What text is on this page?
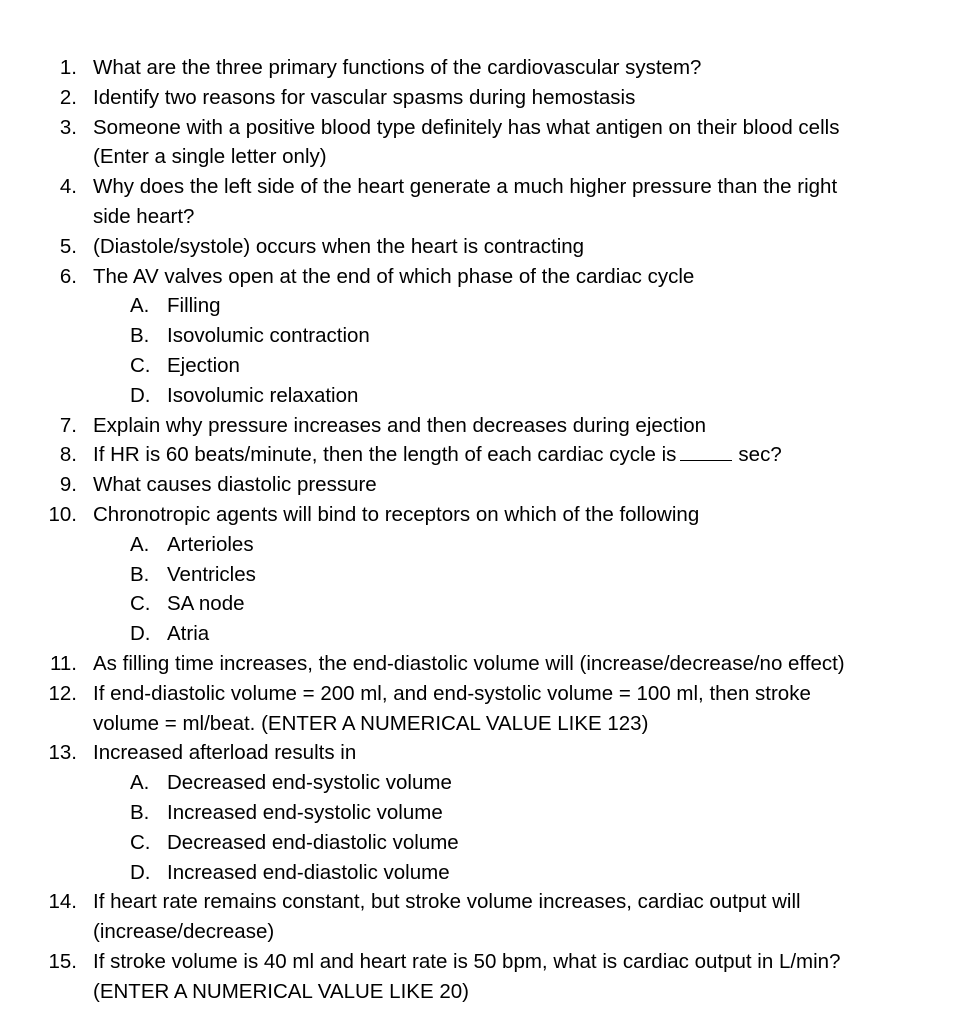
1. What are the three primary functions of the cardiovascular system?
2. Identify two reasons for vascular spasms during hemostasis
3. Someone with a positive blood type definitely has what antigen on their blood cells
(Enter a single letter only)
4. Why does the left side of the heart generate a much higher pressure than the right
side heart?
5. (Diastole/systole) occurs when the heart is contracting
6. The AV valves open at the end of which phase of the cardiac cycle
A. Filling
B. Isovolumic contraction
C. Ejection
D. Isovolumic relaxation
7. Explain why pressure increases and then decreases during ejection
8. If HR is 60 beats/minute, then the length of each cardiac cycle is	sec?
9. What causes diastolic pressure
10. Chronotropic agents will bind to receptors on which of the following
A. Arterioles
B. Ventricles
C. SA node
D. Atria
11. As filling time increases, the end-diastolic volume will (increase/decrease/no effect)
12. If end-diastolic volume = 200 ml, and end-systolic volume = 100 ml, then stroke
volume = ml/beat. (ENTER A NUMERICAL VALUE LIKE 123)
13. Increased afterload results in
A. Decreased end-systolic volume
B. Increased end-systolic volume
C. Decreased end-diastolic volume
D. Increased end-diastolic volume
14. If heart rate remains constant, but stroke volume increases, cardiac output will
(increase/decrease)
15. If stroke volume is 40 ml and heart rate is 50 bpm, what is cardiac output in L/min?
(ENTER A NUMERICAL VALUE LIKE 20)
